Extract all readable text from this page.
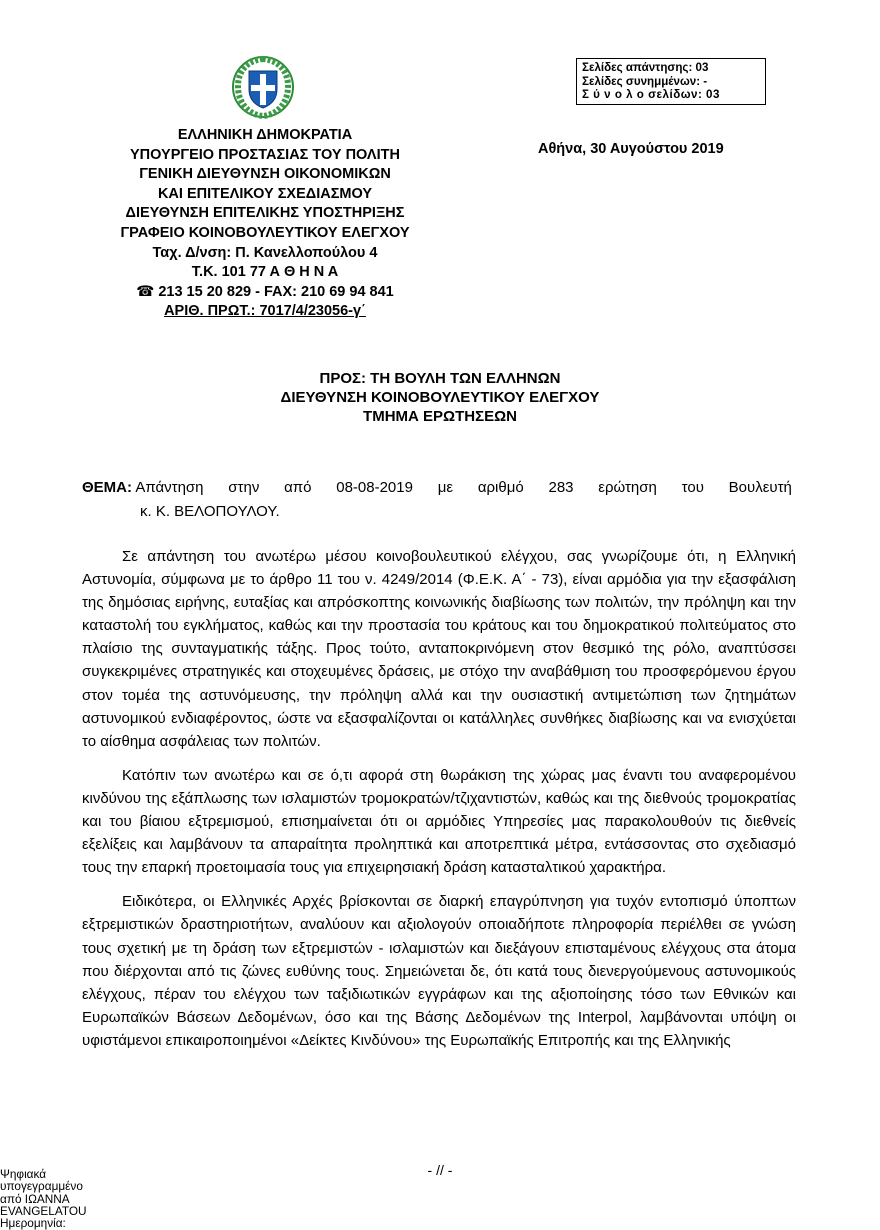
ΕΛΛΗΝΙΚΗ ΔΗΜΟΚΡΑΤΙΑ
ΥΠΟΥΡΓΕΙΟ ΠΡΟΣΤΑΣΙΑΣ ΤΟΥ ΠΟΛΙΤΗ
ΓΕΝΙΚΗ ΔΙΕΥΘΥΝΣΗ ΟΙΚΟΝΟΜΙΚΩΝ
ΚΑΙ ΕΠΙΤΕΛΙΚΟΥ ΣΧΕΔΙΑΣΜΟΥ
ΔΙΕΥΘΥΝΣΗ ΕΠΙΤΕΛΙΚΗΣ ΥΠΟΣΤΗΡΙΞΗΣ
ΓΡΑΦΕΙΟ ΚΟΙΝΟΒΟΥΛΕΥΤΙΚΟΥ ΕΛΕΓΧΟΥ
Ταχ. Δ/νση: Π. Κανελλοπούλου 4
Τ.Κ. 101 77 Α Θ Η Ν Α
☎ 213 15 20 829 - FAX: 210 69 94 841
ΑΡΙΘ. ΠΡΩΤ.: 7017/4/23056-γ΄
Σελίδες απάντησης: 03
Σελίδες συνημμένων: -
Σ ύ ν ο λ ο σελίδων: 03
Αθήνα, 30 Αυγούστου 2019
ΠΡΟΣ: ΤΗ ΒΟΥΛΗ ΤΩΝ ΕΛΛΗΝΩΝ
ΔΙΕΥΘΥΝΣΗ ΚΟΙΝΟΒΟΥΛΕΥΤΙΚΟΥ ΕΛΕΓΧΟΥ
ΤΜΗΜΑ ΕΡΩΤΗΣΕΩΝ
ΘΕΜΑ: Απάντηση στην από 08-08-2019 με αριθμό 283 ερώτηση του Βουλευτή
κ. Κ. ΒΕΛΟΠΟΥΛΟΥ.

Σε απάντηση του ανωτέρω μέσου κοινοβουλευτικού ελέγχου, σας γνωρίζουμε ότι, η Ελληνική Αστυνομία, σύμφωνα με το άρθρο 11 του ν. 4249/2014 (Φ.Ε.Κ. Α΄ - 73), είναι αρμόδια για την εξασφάλιση της δημόσιας ειρήνης, ευταξίας και απρόσκοπτης κοινωνικής διαβίωσης των πολιτών, την πρόληψη και την καταστολή του εγκλήματος, καθώς και την προστασία του κράτους και του δημοκρατικού πολιτεύματος στο πλαίσιο της συνταγματικής τάξης. Προς τούτο, ανταποκρινόμενη στον θεσμικό της ρόλο, αναπτύσσει συγκεκριμένες στρατηγικές και στοχευμένες δράσεις, με στόχο την αναβάθμιση του προσφερόμενου έργου στον τομέα της αστυνόμευσης, την πρόληψη αλλά και την ουσιαστική αντιμετώπιση των ζητημάτων αστυνομικού ενδιαφέροντος, ώστε να εξασφαλίζονται οι κατάλληλες συνθήκες διαβίωσης και να ενισχύεται το αίσθημα ασφάλειας των πολιτών.

Κατόπιν των ανωτέρω και σε ό,τι αφορά στη θωράκιση της χώρας μας έναντι του αναφερομένου κινδύνου της εξάπλωσης των ισλαμιστών τρομοκρατών/τζιχαντιστών, καθώς και της διεθνούς τρομοκρατίας και του βίαιου εξτρεμισμού, επισημαίνεται ότι οι αρμόδιες Υπηρεσίες μας παρακολουθούν τις διεθνείς εξελίξεις και λαμβάνουν τα απαραίτητα προληπτικά και αποτρεπτικά μέτρα, εντάσσοντας στο σχεδιασμό τους την επαρκή προετοιμασία τους για επιχειρησιακή δράση κατασταλτικού χαρακτήρα.

Ειδικότερα, οι Ελληνικές Αρχές βρίσκονται σε διαρκή επαγρύπνηση για τυχόν εντοπισμό ύποπτων εξτρεμιστικών δραστηριοτήτων, αναλύουν και αξιολογούν οποιαδήποτε πληροφορία περιέλθει σε γνώση τους σχετική με τη δράση των εξτρεμιστών - ισλαμιστών και διεξάγουν επισταμένους ελέγχους στα άτομα που διέρχονται από τις ζώνες ευθύνης τους. Σημειώνεται δε, ότι κατά τους διενεργούμενους αστυνομικούς ελέγχους, πέραν του ελέγχου των ταξιδιωτικών εγγράφων και της αξιοποίησης τόσο των Εθνικών και Ευρωπαϊκών Βάσεων Δεδομένων, όσο και της Βάσης Δεδομένων της Interpol, λαμβάνονται υπόψη οι υφιστάμενοι επικαιροποιημένοι «Δείκτες Κινδύνου» της Ευρωπαϊκής Επιτροπής και της Ελληνικής

Ψηφιακά
υπογεγραμμένο
από ΙΩΑΝΝΑ
EVANGELATOU
Ημερομηνία:
- // -
